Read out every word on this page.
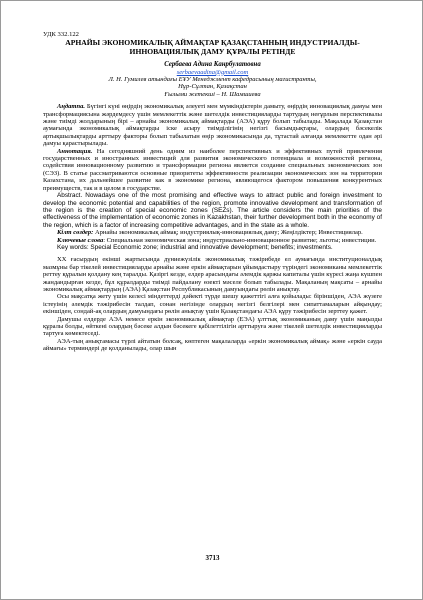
УДК 332.122

АРНАЙЫ ЭКОНОМИКАЛЫҚ АЙМАҚТАР ҚАЗАҚСТАННЫҢ ИНДУСТРИАЛДЫ-
ИННОВАЦИЯЛЫҚ ДАМУ ҚҰРАЛЫ РЕТІНДЕ

Сербаева Адина Канрбулатовна
serbaevaadina@gmail.com
Л. Н. Гумилев атындағы ЕҰУ Менеджмент кафедрасының магистранты,
Нұр-Сұлтан, Қазақстан
Ғылыми жетекші – Н. Шамшиева

Аңдатпа. Бүгінгі күні өңірдің экономикалық әлеуеті мен мүмкіндіктерін дамыту, өңірдің инновациялық дамуы мен трансформациясына жәрдемдесу үшін мемлекеттік және шетелдік инвестицияларды тартудың неғұрлым перспективалы және тиімді жолдарының бірі – арнайы экономикалық аймақтарды (АЭА) құру болып табылады. Мақалада Қазақстан аумағында экономикалық аймақтарды іске асыру тиімділігінің негізгі басымдықтары, олардың бәсекелік артықшылықтарды арттыру факторы болып табылатын өңір экономикасында да, тұтастай алғанда мемлекетте одан әрі дамуы қарастырылады.

Аннотация. На сегодняшний день одним из наиболее перспективных и эффективных путей привлечения государственных и иностранных инвестиций для развития экономического потенциала и возможностей региона, содействия инновационному развитию и трансформации региона является создание специальных экономических зон (СЭЗ). В статье рассматриваются основные приоритеты эффективности реализации экономических зон на территории Казахстана, их дальнейшее развитие как в экономике региона, являющегося фактором повышения конкурентных преимуществ, так и в целом в государстве.

Abstract. Nowadays one of the most promising and effective ways to attract public and foreign investment to develop the economic potential and capabilities of the region, promote innovative development and transformation of the region is the creation of special economic zones (SEZs). The article considers the main priorities of the effectiveness of the implementation of economic zones in Kazakhstan, their further development both in the economy of the region, which is a factor of increasing competitive advantages, and in the state as a whole.

Кілт сөздер: Арнайы экономикалық аймақ; индустриялық-инновациялық даму; Жеңілдіктер; Инвестициялар.

Ключевые слова: Специальная экономическая зона; индустриально-инновационное развитие; льготы; инвестиции.

Key words: Special Economic zone; industrial and innovative development; benefits; investments.

XX ғасырдың екінші жартысында дүниежүзілік экономикалық тәжірибеде ел аумағында институционалдық мазмұны бар тікелей инвестицияларды арнайы және еркін аймақтарын ұйымдастыру түріндегі экономиканы мемлекеттік реттеу құралын қолдану кең таралды. Қазіргі кезде, елдер арасындағы әлемдік қаржы капиталы үшін күресі жаңа күшпен жандандырған кезде, бұл құралдарды тиімді пайдалану өзекті мәселе болып табылады. Мақаланың мақсаты – арнайы экономикалық аймақтардың (АЭА) Қазақстан Республикасының дамуындағы рөлін анықтау.

Осы мақсатқа жету үшін келесі міндеттерді дәйекті түрде шешу қажеттігі алға қойылады: біріншіден, АЭА жүзеге істеуінің әлемдік тәжірибесін талдап, сонан негізінде олардың негізгі белгілері мен сипаттамаларын айқындау; екіншіден, сондай-ақ олардың дамуындағы рөлін анықтау үшін Қазақстандағы АЭА құру тәжірибесін зерттеу қажет.

Дамушы елдерде АЭА немесе еркін экономикалық аймақтар (ЕЭА) ұлттық экономиканың даму үшін маңызды құралы болды, өйткені олардың бәсеке алдын бәсекеге қабілеттілігін арттыруға және тікелей шетелдік инвестицияларды тартуға көмектеседі.

АЭА-тың анықтамасы түрлі айтатын болсақ, көптеген мақалаларда «еркін экономикалық аймақ» және «еркін сауда аймағы» терминдері де қолданылады, олар шын

3713
